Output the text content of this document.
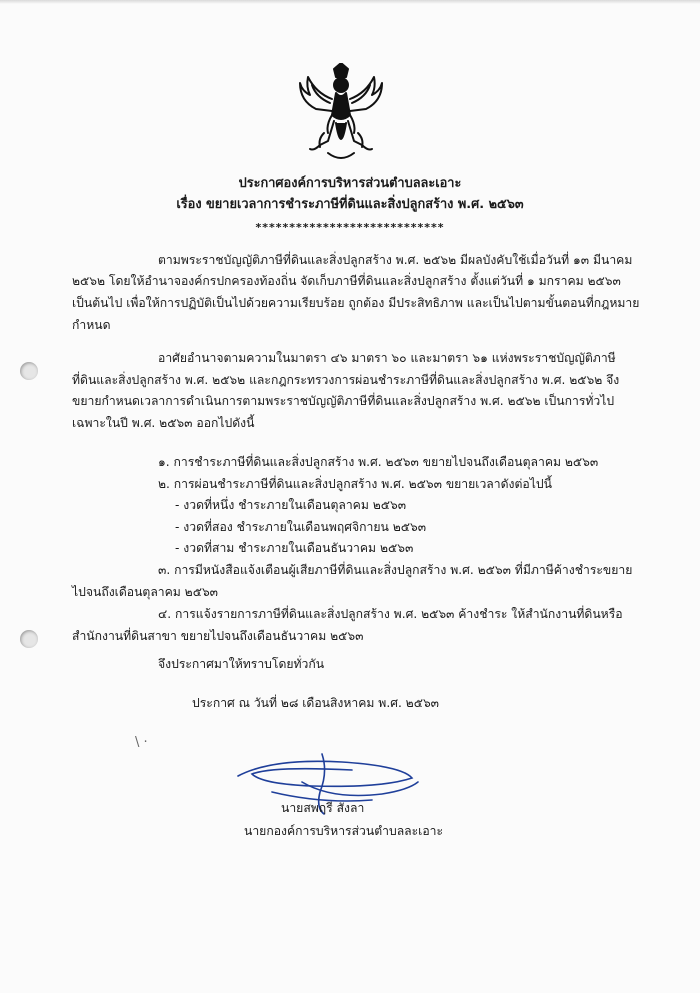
ประกาศองค์การบริหารส่วนตำบลละเอาะ
เรื่อง ขยายเวลาการชำระภาษีที่ดินและสิ่งปลูกสร้าง พ.ศ. ๒๕๖๓
****************************
ตามพระราชบัญญัติภาษีที่ดินและสิ่งปลูกสร้าง พ.ศ. ๒๕๖๒ มีผลบังคับใช้เมื่อวันที่ ๑๓ มีนาคม
๒๕๖๒ โดยให้อำนาจองค์กรปกครองท้องถิ่น จัดเก็บภาษีที่ดินและสิ่งปลูกสร้าง ตั้งแต่วันที่ ๑ มกราคม ๒๕๖๓
เป็นต้นไป เพื่อให้การปฏิบัติเป็นไปด้วยความเรียบร้อย ถูกต้อง มีประสิทธิภาพ และเป็นไปตามขั้นตอนที่กฎหมาย
กำหนด
อาศัยอำนาจตามความในมาตรา ๔๖ มาตรา ๖๐ และมาตรา ๖๑ แห่งพระราชบัญญัติภาษี
ที่ดินและสิ่งปลูกสร้าง พ.ศ. ๒๕๖๒ และกฎกระทรวงการผ่อนชำระภาษีที่ดินและสิ่งปลูกสร้าง พ.ศ. ๒๕๖๒ จึง
ขยายกำหนดเวลาการดำเนินการตามพระราชบัญญัติภาษีที่ดินและสิ่งปลูกสร้าง พ.ศ. ๒๕๖๒ เป็นการทั่วไป
เฉพาะในปี พ.ศ. ๒๕๖๓ ออกไปดังนี้
๑. การชำระภาษีที่ดินและสิ่งปลูกสร้าง พ.ศ. ๒๕๖๓ ขยายไปจนถึงเดือนตุลาคม ๒๕๖๓
๒. การผ่อนชำระภาษีที่ดินและสิ่งปลูกสร้าง พ.ศ. ๒๕๖๓ ขยายเวลาดังต่อไปนี้
- งวดที่หนึ่ง ชำระภายในเดือนตุลาคม ๒๕๖๓
- งวดที่สอง ชำระภายในเดือนพฤศจิกายน ๒๕๖๓
- งวดที่สาม ชำระภายในเดือนธันวาคม ๒๕๖๓
๓. การมีหนังสือแจ้งเตือนผู้เสียภาษีที่ดินและสิ่งปลูกสร้าง พ.ศ. ๒๕๖๓ ที่มีภาษีค้างชำระขยาย
ไปจนถึงเดือนตุลาคม ๒๕๖๓
๔. การแจ้งรายการภาษีที่ดินและสิ่งปลูกสร้าง พ.ศ. ๒๕๖๓ ค้างชำระ ให้สำนักงานที่ดินหรือ
สำนักงานที่ดินสาขา ขยายไปจนถึงเดือนธันวาคม ๒๕๖๓
จึงประกาศมาให้ทราบโดยทั่วกัน
ประกาศ ณ วันที่ ๒๘ เดือนสิงหาคม พ.ศ. ๒๕๖๓
\ ·
นายสพฤรี สังลา
นายกองค์การบริหารส่วนตำบลละเอาะ
